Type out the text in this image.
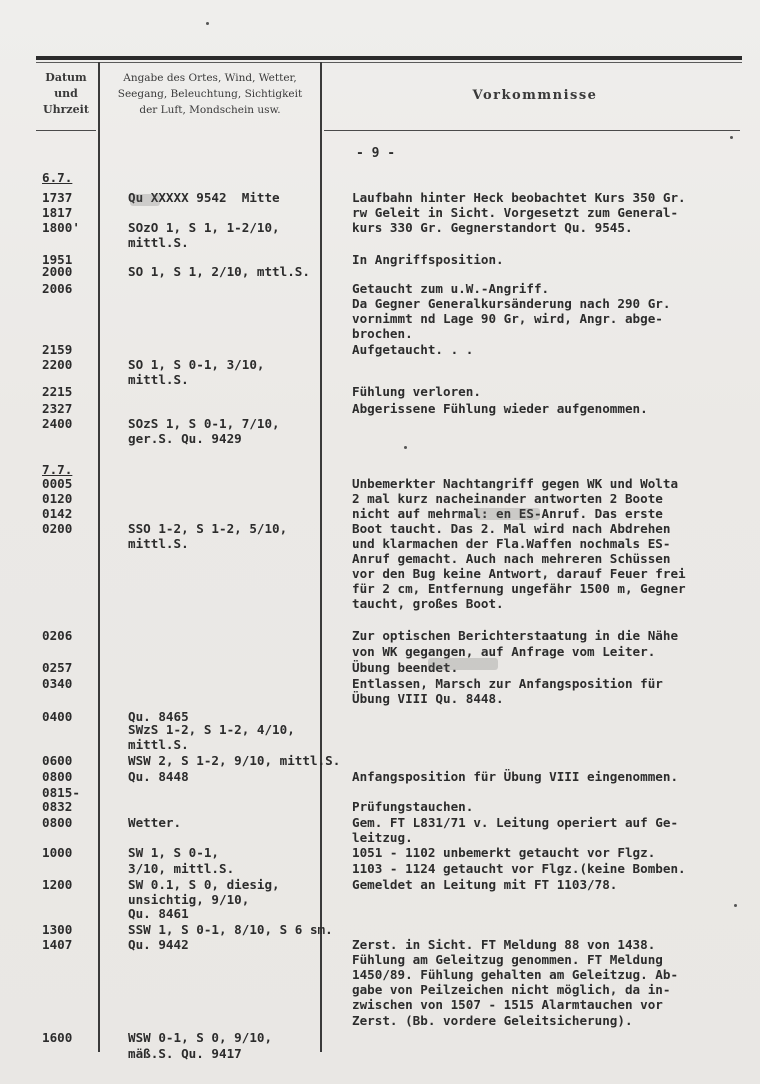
Datum
und
Uhrzeit
Angabe des Ortes, Wind, Wetter,
Seegang, Beleuchtung, Sichtigkeit
der Luft, Mondschein usw.
Vorkommnisse
- 9 -
6.7.
1737	Qu XXXXX 9542  Mitte	Laufbahn hinter Heck beobachtet Kurs 350 Gr.
1817	rw Geleit in Sicht. Vorgesetzt zum General-
1800'	SOzO 1, S 1, 1-2/10,	kurs 330 Gr. Gegnerstandort Qu. 9545.
mittl.S.
1951	In Angriffsposition.
2000	SO 1, S 1, 2/10, mttl.S.
2006	Getaucht zum u.W.-Angriff.
Da Gegner Generalkursänderung nach 290 Gr.
vornimmt nd Lage 90 Gr, wird, Angr. abge-
brochen.
2159	Aufgetaucht. . .
2200	SO 1, S 0-1, 3/10,
mittl.S.
2215	Fühlung verloren.
2327	Abgerissene Fühlung wieder aufgenommen.
2400	SOzS 1, S 0-1, 7/10,
ger.S. Qu. 9429
7.7.
0005	Unbemerkter Nachtangriff gegen WK und Wolta
0120	2 mal kurz nacheinander antworten 2 Boote
0142	nicht auf mehrmal: en ES-Anruf. Das erste
0200	SSO 1-2, S 1-2, 5/10,	Boot taucht. Das 2. Mal wird nach Abdrehen
mittl.S.	und klarmachen der Fla.Waffen nochmals ES-
Anruf gemacht. Auch nach mehreren Schüssen
vor den Bug keine Antwort, darauf Feuer frei
für 2 cm, Entfernung ungefähr 1500 m, Gegner
taucht, großes Boot.
0206	Zur optischen Berichterstaatung in die Nähe
von WK gegangen, auf Anfrage vom Leiter.
0257	Übung beendet.
0340	Entlassen, Marsch zur Anfangsposition für
Übung VIII Qu. 8448.
0400	Qu. 8465
SWzS 1-2, S 1-2, 4/10,
mittl.S.
0600	WSW 2, S 1-2, 9/10, mittl.S.
0800	Qu. 8448	Anfangsposition für Übung VIII eingenommen.
0815-
0832	Prüfungstauchen.
0800	Wetter.	Gem. FT L831/71 v. Leitung operiert auf Ge-
leitzug.
1000	SW 1, S 0-1,	1051 - 1102 unbemerkt getaucht vor Flgz.
3/10, mittl.S.	1103 - 1124 getaucht vor Flgz.(keine Bomben.
1200	SW 0.1, S 0, diesig,	Gemeldet an Leitung mit FT 1103/78.
unsichtig, 9/10,
Qu. 8461
1300	SSW 1, S 0-1, 8/10, S 6 sm.
1407	Qu. 9442	Zerst. in Sicht. FT Meldung 88 von 1438.
Fühlung am Geleitzug genommen. FT Meldung
1450/89. Fühlung gehalten am Geleitzug. Ab-
gabe von Peilzeichen nicht möglich, da in-
zwischen von 1507 - 1515 Alarmtauchen vor
Zerst. (Bb. vordere Geleitsicherung).
1600	WSW 0-1, S 0, 9/10,
mäß.S. Qu. 9417
